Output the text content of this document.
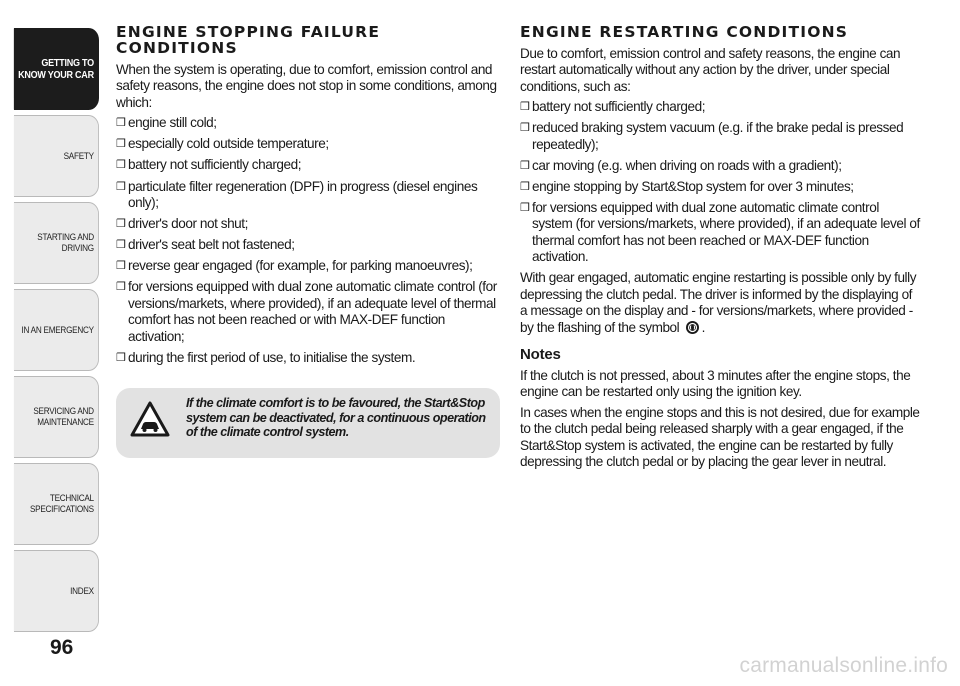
GETTING TO KNOW YOUR CAR
SAFETY
STARTING AND DRIVING
IN AN EMERGENCY
SERVICING AND MAINTENANCE
TECHNICAL SPECIFICATIONS
INDEX
96
ENGINE STOPPING FAILURE CONDITIONS

When the system is operating, due to comfort, emission control and safety reasons, the engine does not stop in some conditions, among which:

❒ engine still cold;
❒ especially cold outside temperature;
❒ battery not sufficiently charged;
❒ particulate filter regeneration (DPF) in progress (diesel engines only);
❒ driver's door not shut;
❒ driver's seat belt not fastened;
❒ reverse gear engaged (for example, for parking manoeuvres);
❒ for versions equipped with dual zone automatic climate control (for versions/markets, where provided), if an adequate level of thermal comfort has not been reached or with MAX-DEF function activation;
❒ during the first period of use, to initialise the system.
If the climate comfort is to be favoured, the Start&Stop system can be deactivated, for a continuous operation of the climate control system.
ENGINE RESTARTING CONDITIONS

Due to comfort, emission control and safety reasons, the engine can restart automatically without any action by the driver, under special conditions, such as:

❒ battery not sufficiently charged;
❒ reduced braking system vacuum (e.g. if the brake pedal is pressed repeatedly);
❒ car moving (e.g. when driving on roads with a gradient);
❒ engine stopping by Start&Stop system for over 3 minutes;
❒ for versions equipped with dual zone automatic climate control system (for versions/markets, where provided), if an adequate level of thermal comfort has not been reached or MAX-DEF function activation.

With gear engaged, automatic engine restarting is possible only by fully depressing the clutch pedal. The driver is informed by the displaying of a message on the display and - for versions/markets, where provided - by the flashing of the symbol .

Notes

If the clutch is not pressed, about 3 minutes after the engine stops, the engine can be restarted only using the ignition key.

In cases when the engine stops and this is not desired, due for example to the clutch pedal being released sharply with a gear engaged, if the Start&Stop system is activated, the engine can be restarted by fully depressing the clutch pedal or by placing the gear lever in neutral.

carmanualsonline.info
